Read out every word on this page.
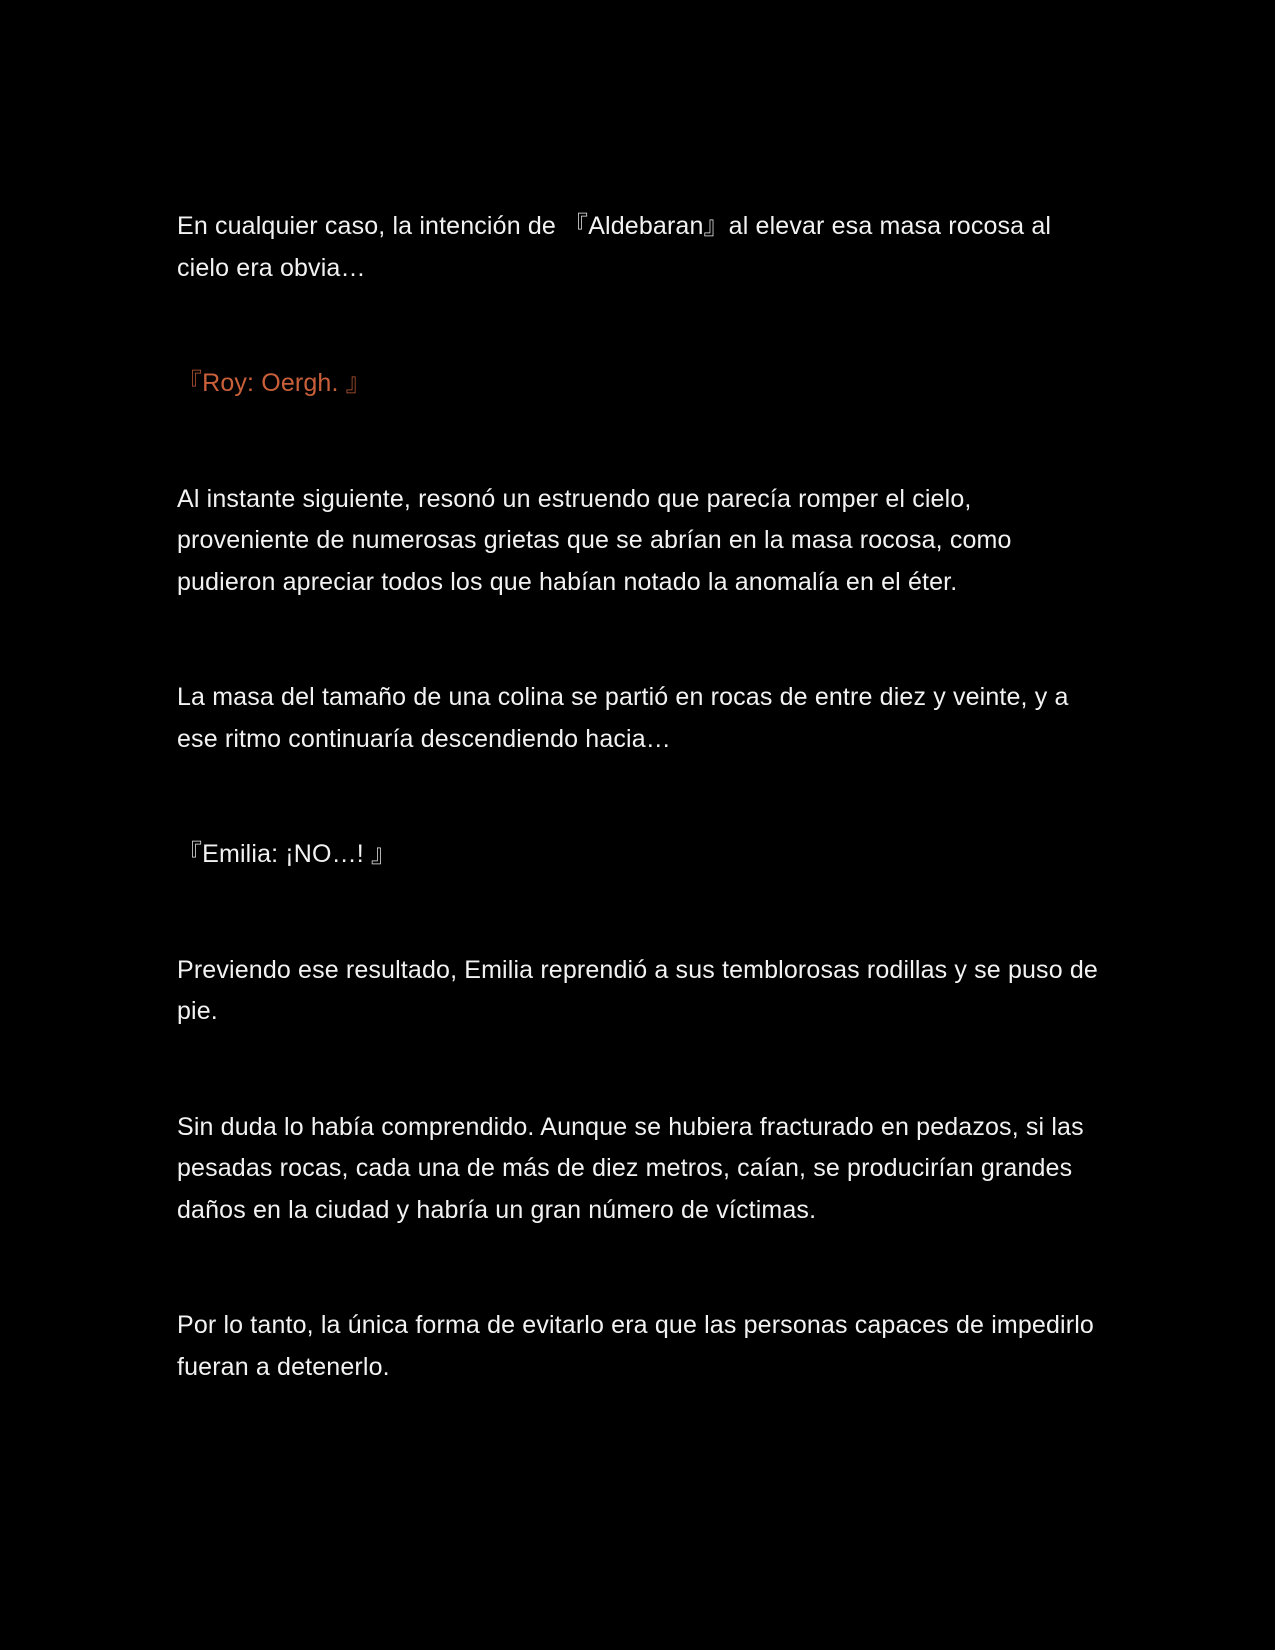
En cualquier caso, la intención de 『Aldebaran』al elevar esa masa rocosa al cielo era obvia…

『Roy: Oergh. 』

Al instante siguiente, resonó un estruendo que parecía romper el cielo, proveniente de numerosas grietas que se abrían en la masa rocosa, como pudieron apreciar todos los que habían notado la anomalía en el éter.

La masa del tamaño de una colina se partió en rocas de entre diez y veinte, y a ese ritmo continuaría descendiendo hacia…

『Emilia: ¡NO…! 』

Previendo ese resultado, Emilia reprendió a sus temblorosas rodillas y se puso de pie.

Sin duda lo había comprendido. Aunque se hubiera fracturado en pedazos, si las pesadas rocas, cada una de más de diez metros, caían, se producirían grandes daños en la ciudad y habría un gran número de víctimas.

Por lo tanto, la única forma de evitarlo era que las personas capaces de impedirlo fueran a detenerlo.
